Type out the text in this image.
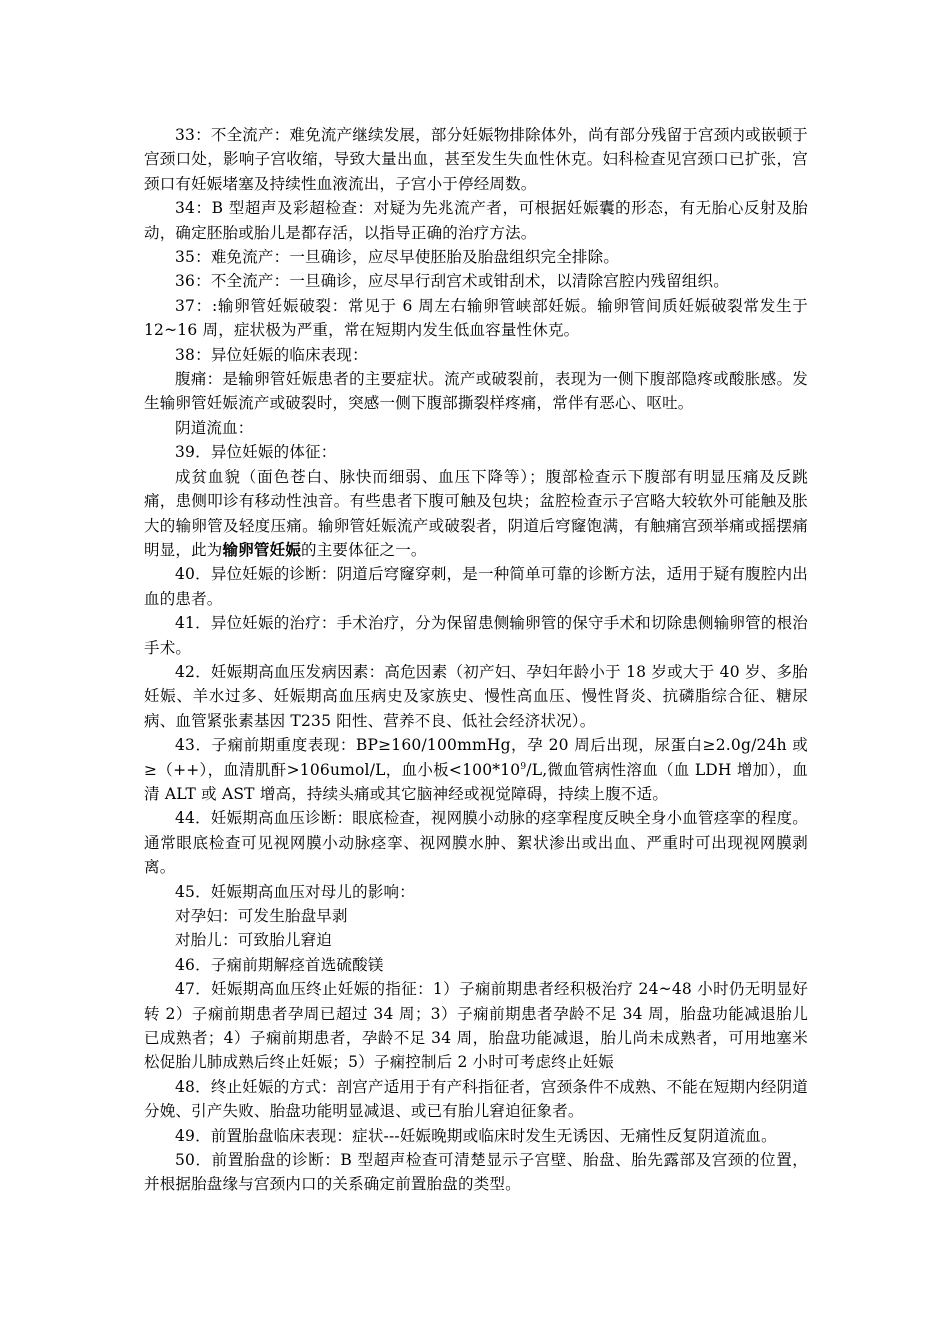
33：不全流产：难免流产继续发展，部分妊娠物排除体外，尚有部分残留于宫颈内或嵌顿于宫颈口处，影响子宫收缩，导致大量出血，甚至发生失血性休克。妇科检查见宫颈口已扩张，宫颈口有妊娠堵塞及持续性血液流出，子宫小于停经周数。

34：B 型超声及彩超检查：对疑为先兆流产者，可根据妊娠囊的形态，有无胎心反射及胎动，确定胚胎或胎儿是都存活，以指导正确的治疗方法。

35：难免流产：一旦确诊，应尽早使胚胎及胎盘组织完全排除。

36：不全流产：一旦确诊，应尽早行刮宫术或钳刮术，以清除宫腔内残留组织。

37：:输卵管妊娠破裂：常见于 6 周左右输卵管峡部妊娠。输卵管间质妊娠破裂常发生于 12~16 周，症状极为严重，常在短期内发生低血容量性休克。

38：异位妊娠的临床表现：

腹痛：是输卵管妊娠患者的主要症状。流产或破裂前，表现为一侧下腹部隐疼或酸胀感。发生输卵管妊娠流产或破裂时，突感一侧下腹部撕裂样疼痛，常伴有恶心、呕吐。

阴道流血：

39．异位妊娠的体征：

成贫血貌（面色苍白、脉快而细弱、血压下降等）；腹部检查示下腹部有明显压痛及反跳痛，患侧叩诊有移动性浊音。有些患者下腹可触及包块；盆腔检查示子宫略大较软外可能触及胀大的输卵管及轻度压痛。输卵管妊娠流产或破裂者，阴道后穹窿饱满，有触痛宫颈举痛或摇摆痛明显，此为输卵管妊娠的主要体征之一。

40．异位妊娠的诊断：阴道后穹窿穿刺，是一种简单可靠的诊断方法，适用于疑有腹腔内出血的患者。

41．异位妊娠的治疗：手术治疗，分为保留患侧输卵管的保守手术和切除患侧输卵管的根治手术。

42．妊娠期高血压发病因素：高危因素（初产妇、孕妇年龄小于 18 岁或大于 40 岁、多胎妊娠、羊水过多、妊娠期高血压病史及家族史、慢性高血压、慢性肾炎、抗磷脂综合征、糖尿病、血管紧张素基因 T235 阳性、营养不良、低社会经济状况）。

43．子痫前期重度表现：BP≥160/100mmHg，孕 20 周后出现，尿蛋白≥2.0g/24h 或≥（++），血清肌酐>106umol/L，血小板$<100*10^9/L$,微血管病性溶血（血 LDH 增加），血清 ALT 或 AST 增高，持续头痛或其它脑神经或视觉障碍，持续上腹不适。

44．妊娠期高血压诊断：眼底检查，视网膜小动脉的痉挛程度反映全身小血管痉挛的程度。通常眼底检查可见视网膜小动脉痉挛、视网膜水肿、絮状渗出或出血、严重时可出现视网膜剥离。

45．妊娠期高血压对母儿的影响：

对孕妇：可发生胎盘早剥

对胎儿：可致胎儿窘迫

46．子痫前期解痉首选硫酸镁

47．妊娠期高血压终止妊娠的指征：1）子痫前期患者经积极治疗 24~48 小时仍无明显好转 2）子痫前期患者孕周已超过 34 周；3）子痫前期患者孕龄不足 34 周，胎盘功能减退胎儿已成熟者；4）子痫前期患者，孕龄不足 34 周，胎盘功能减退，胎儿尚未成熟者，可用地塞米松促胎儿肺成熟后终止妊娠；5）子痫控制后 2 小时可考虑终止妊娠

48．终止妊娠的方式：剖宫产适用于有产科指征者，宫颈条件不成熟、不能在短期内经阴道分娩、引产失败、胎盘功能明显减退、或已有胎儿窘迫征象者。

49．前置胎盘临床表现：症状---妊娠晚期或临床时发生无诱因、无痛性反复阴道流血。

50．前置胎盘的诊断：B 型超声检查可清楚显示子宫壁、胎盘、胎先露部及宫颈的位置，并根据胎盘缘与宫颈内口的关系确定前置胎盘的类型。
